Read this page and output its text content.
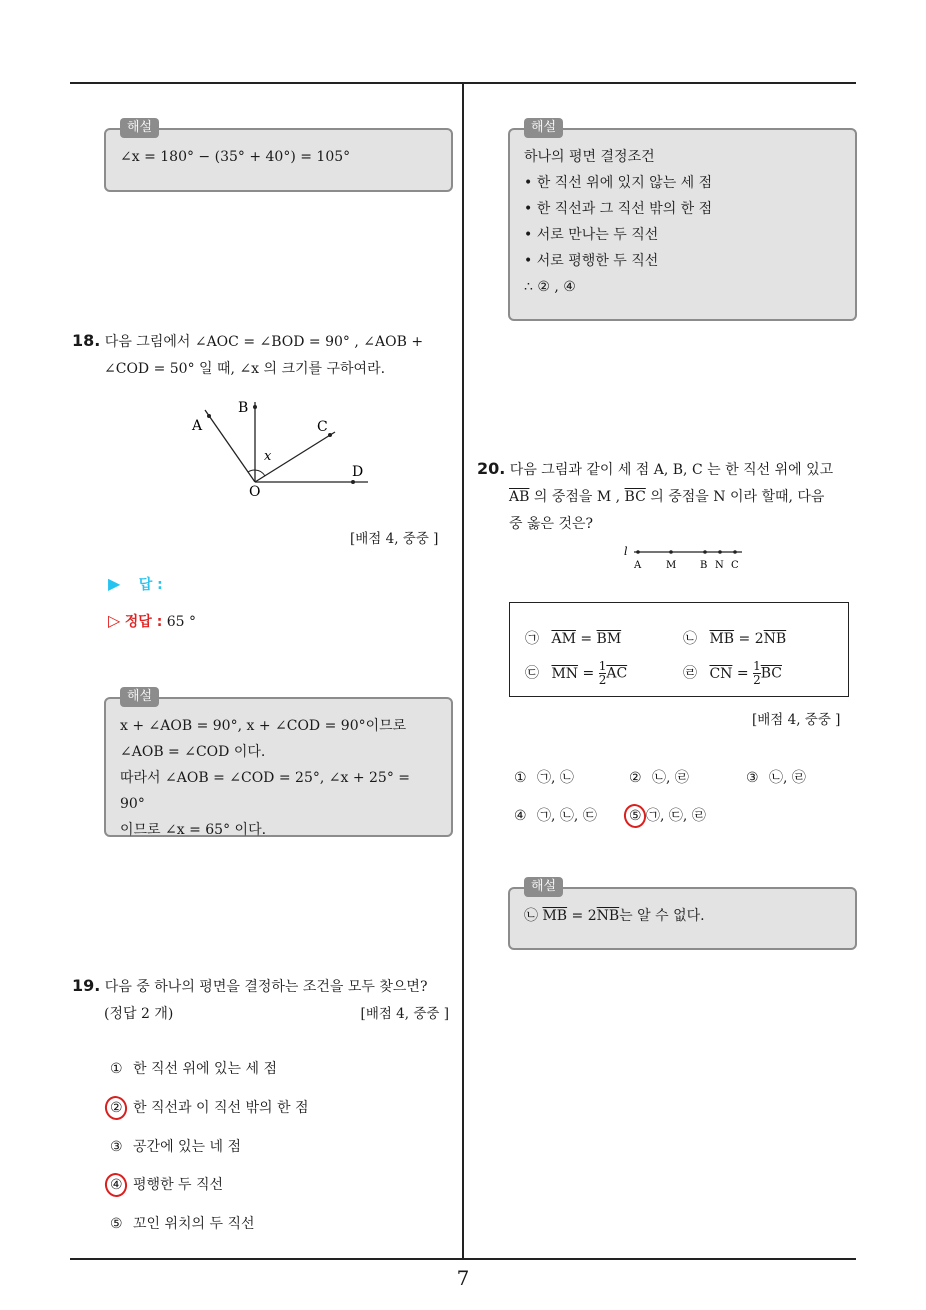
해설
∠x = 180° − (35° + 40°) = 105°
해설
하나의 평면 결정조건
• 한 직선 위에 있지 않는 세 점
• 한 직선과 그 직선 밖의 한 점
• 서로 만나는 두 직선
• 서로 평행한 두 직선
∴ ② , ④
18. 다음 그림에서 ∠AOC = ∠BOD = 90° , ∠AOB +
∠COD = 50° 일 때, ∠x 의 크기를 구하여라.
A
B
C
D
O
x
[배점 4, 중중 ]
▶ 답 :
▷ 정답 : 65 °
해설
x + ∠AOB = 90°, x + ∠COD = 90°이므로
∠AOB = ∠COD 이다.
따라서 ∠AOB = ∠COD = 25°, ∠x + 25° = 90°
이므로 ∠x = 65° 이다.
19. 다음 중 하나의 평면을 결정하는 조건을 모두 찾으면?
(정답 2 개)	[배점 4, 중중 ]
① 한 직선 위에 있는 세 점
② 한 직선과 이 직선 밖의 한 점
③ 공간에 있는 네 점
④ 평행한 두 직선
⑤ 꼬인 위치의 두 직선
20. 다음 그림과 같이 세 점 A, B, C 는 한 직선 위에 있고
$\overline{AB}$ 의 중점을 M , $\overline{BC}$ 의 중점을 N 이라 할때, 다음
중 옳은 것은?
l
A M B N C
㉠ $\overline{AM} = \overline{BM}$	㉡ $\overline{MB} = 2\overline{NB}$
㉢ $\overline{MN} = \frac{1}{2} \overline{AC}$	㉣ $\overline{CN} = \frac{1}{2} \overline{BC}$
[배점 4, 중중 ]
① ㉠, ㉡	② ㉡, ㉣	③ ㉡, ㉣
④ ㉠, ㉡, ㉢ ⑤ ㉠, ㉢, ㉣
해설
㉡ $\overline{MB} = 2\overline{NB}$는 알 수 없다.
7
